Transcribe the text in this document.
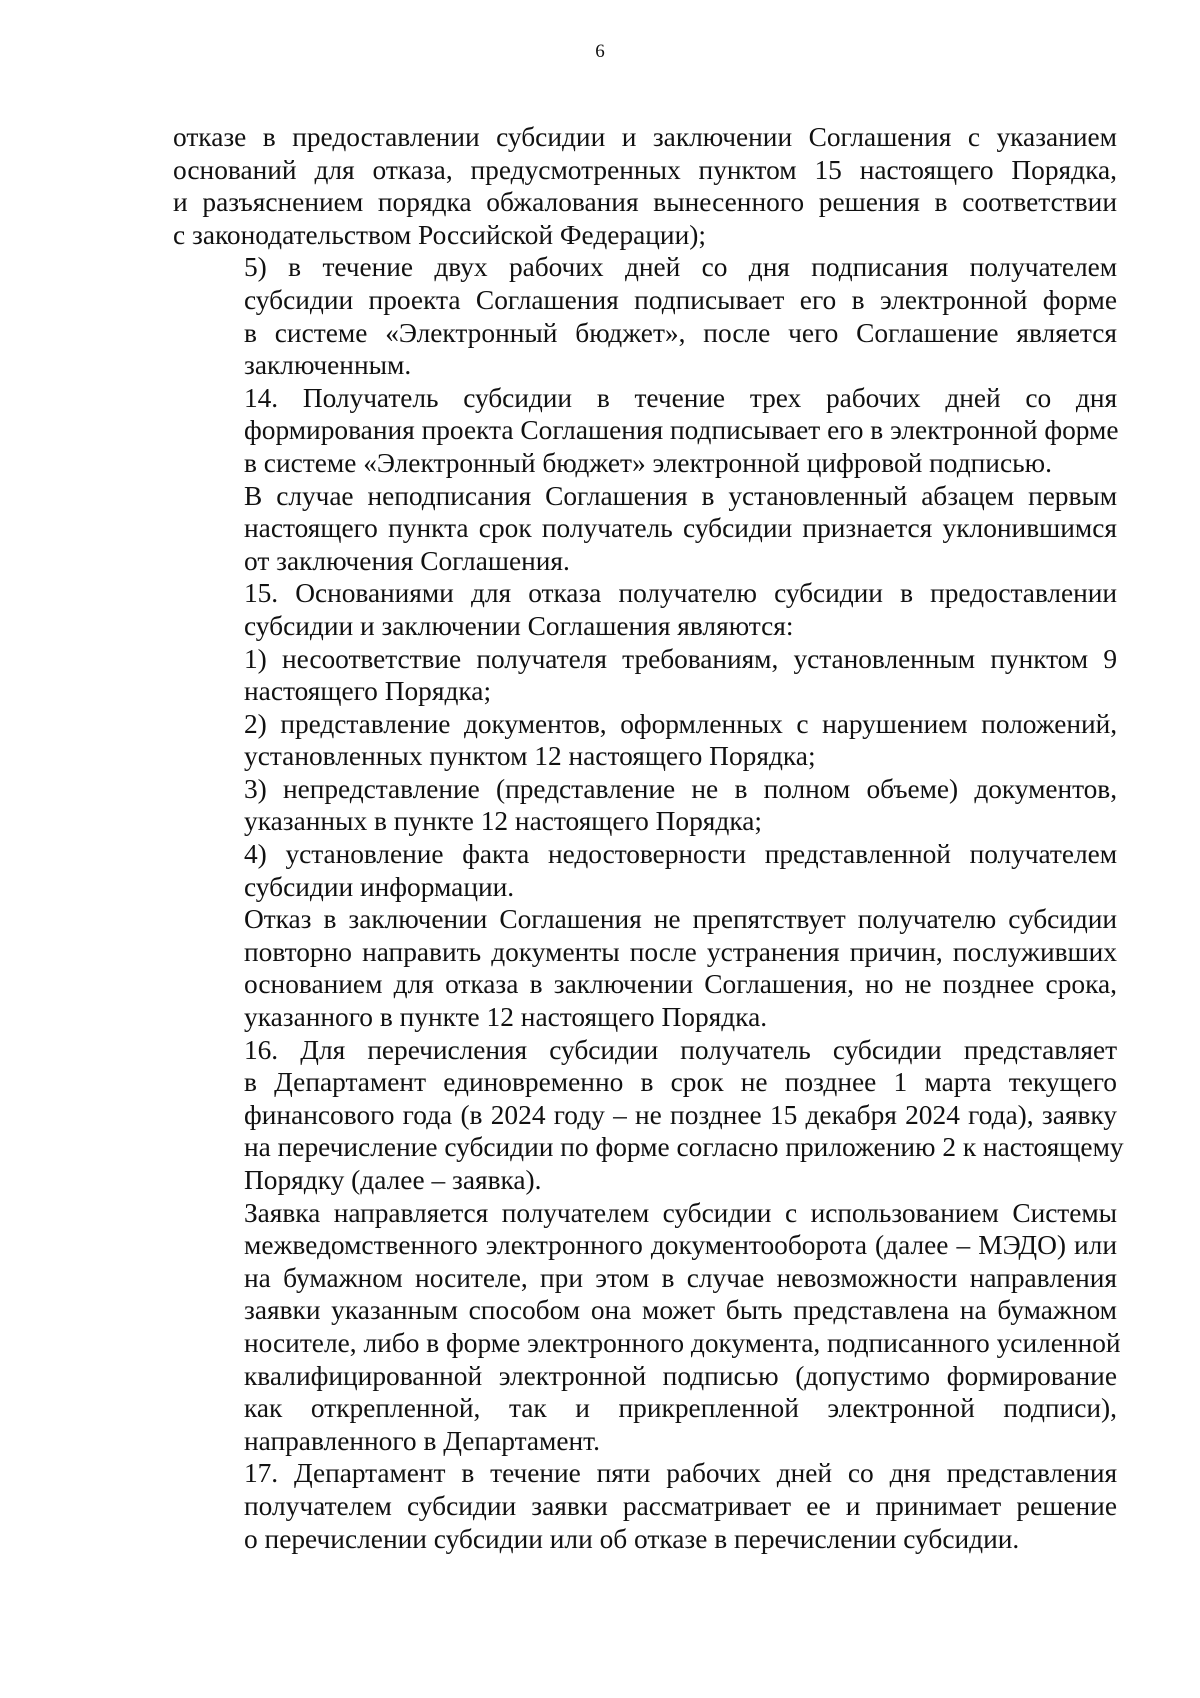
6
отказе в предоставлении субсидии и заключении Соглашения с указанием
оснований для отказа, предусмотренных пунктом 15 настоящего Порядка,
и разъяснением порядка обжалования вынесенного решения в соответствии
с законодательством Российской Федерации);
5) в течение двух рабочих дней со дня подписания получателем
субсидии проекта Соглашения подписывает его в электронной форме
в системе «Электронный бюджет», после чего Соглашение является
заключенным.
14. Получатель субсидии в течение трех рабочих дней со дня
формирования проекта Соглашения подписывает его в электронной форме
в системе «Электронный бюджет» электронной цифровой подписью.
В случае неподписания Соглашения в установленный абзацем первым
настоящего пункта срок получатель субсидии признается уклонившимся
от заключения Соглашения.
15. Основаниями для отказа получателю субсидии в предоставлении
субсидии и заключении Соглашения являются:
1) несоответствие получателя требованиям, установленным пунктом 9
настоящего Порядка;
2) представление документов, оформленных с нарушением положений,
установленных пунктом 12 настоящего Порядка;
3) непредставление (представление не в полном объеме) документов,
указанных в пункте 12 настоящего Порядка;
4) установление факта недостоверности представленной получателем
субсидии информации.
Отказ в заключении Соглашения не препятствует получателю субсидии
повторно направить документы после устранения причин, послуживших
основанием для отказа в заключении Соглашения, но не позднее срока,
указанного в пункте 12 настоящего Порядка.
16. Для перечисления субсидии получатель субсидии представляет
в Департамент единовременно в срок не позднее 1 марта текущего
финансового года (в 2024 году – не позднее 15 декабря 2024 года), заявку
на перечисление субсидии по форме согласно приложению 2 к настоящему
Порядку (далее – заявка).
Заявка направляется получателем субсидии с использованием Системы
межведомственного электронного документооборота (далее – МЭДО) или
на бумажном носителе, при этом в случае невозможности направления
заявки указанным способом она может быть представлена на бумажном
носителе, либо в форме электронного документа, подписанного усиленной
квалифицированной электронной подписью (допустимо формирование
как открепленной, так и прикрепленной электронной подписи),
направленного в Департамент.
17. Департамент в течение пяти рабочих дней со дня представления
получателем субсидии заявки рассматривает ее и принимает решение
о перечислении субсидии или об отказе в перечислении субсидии.
